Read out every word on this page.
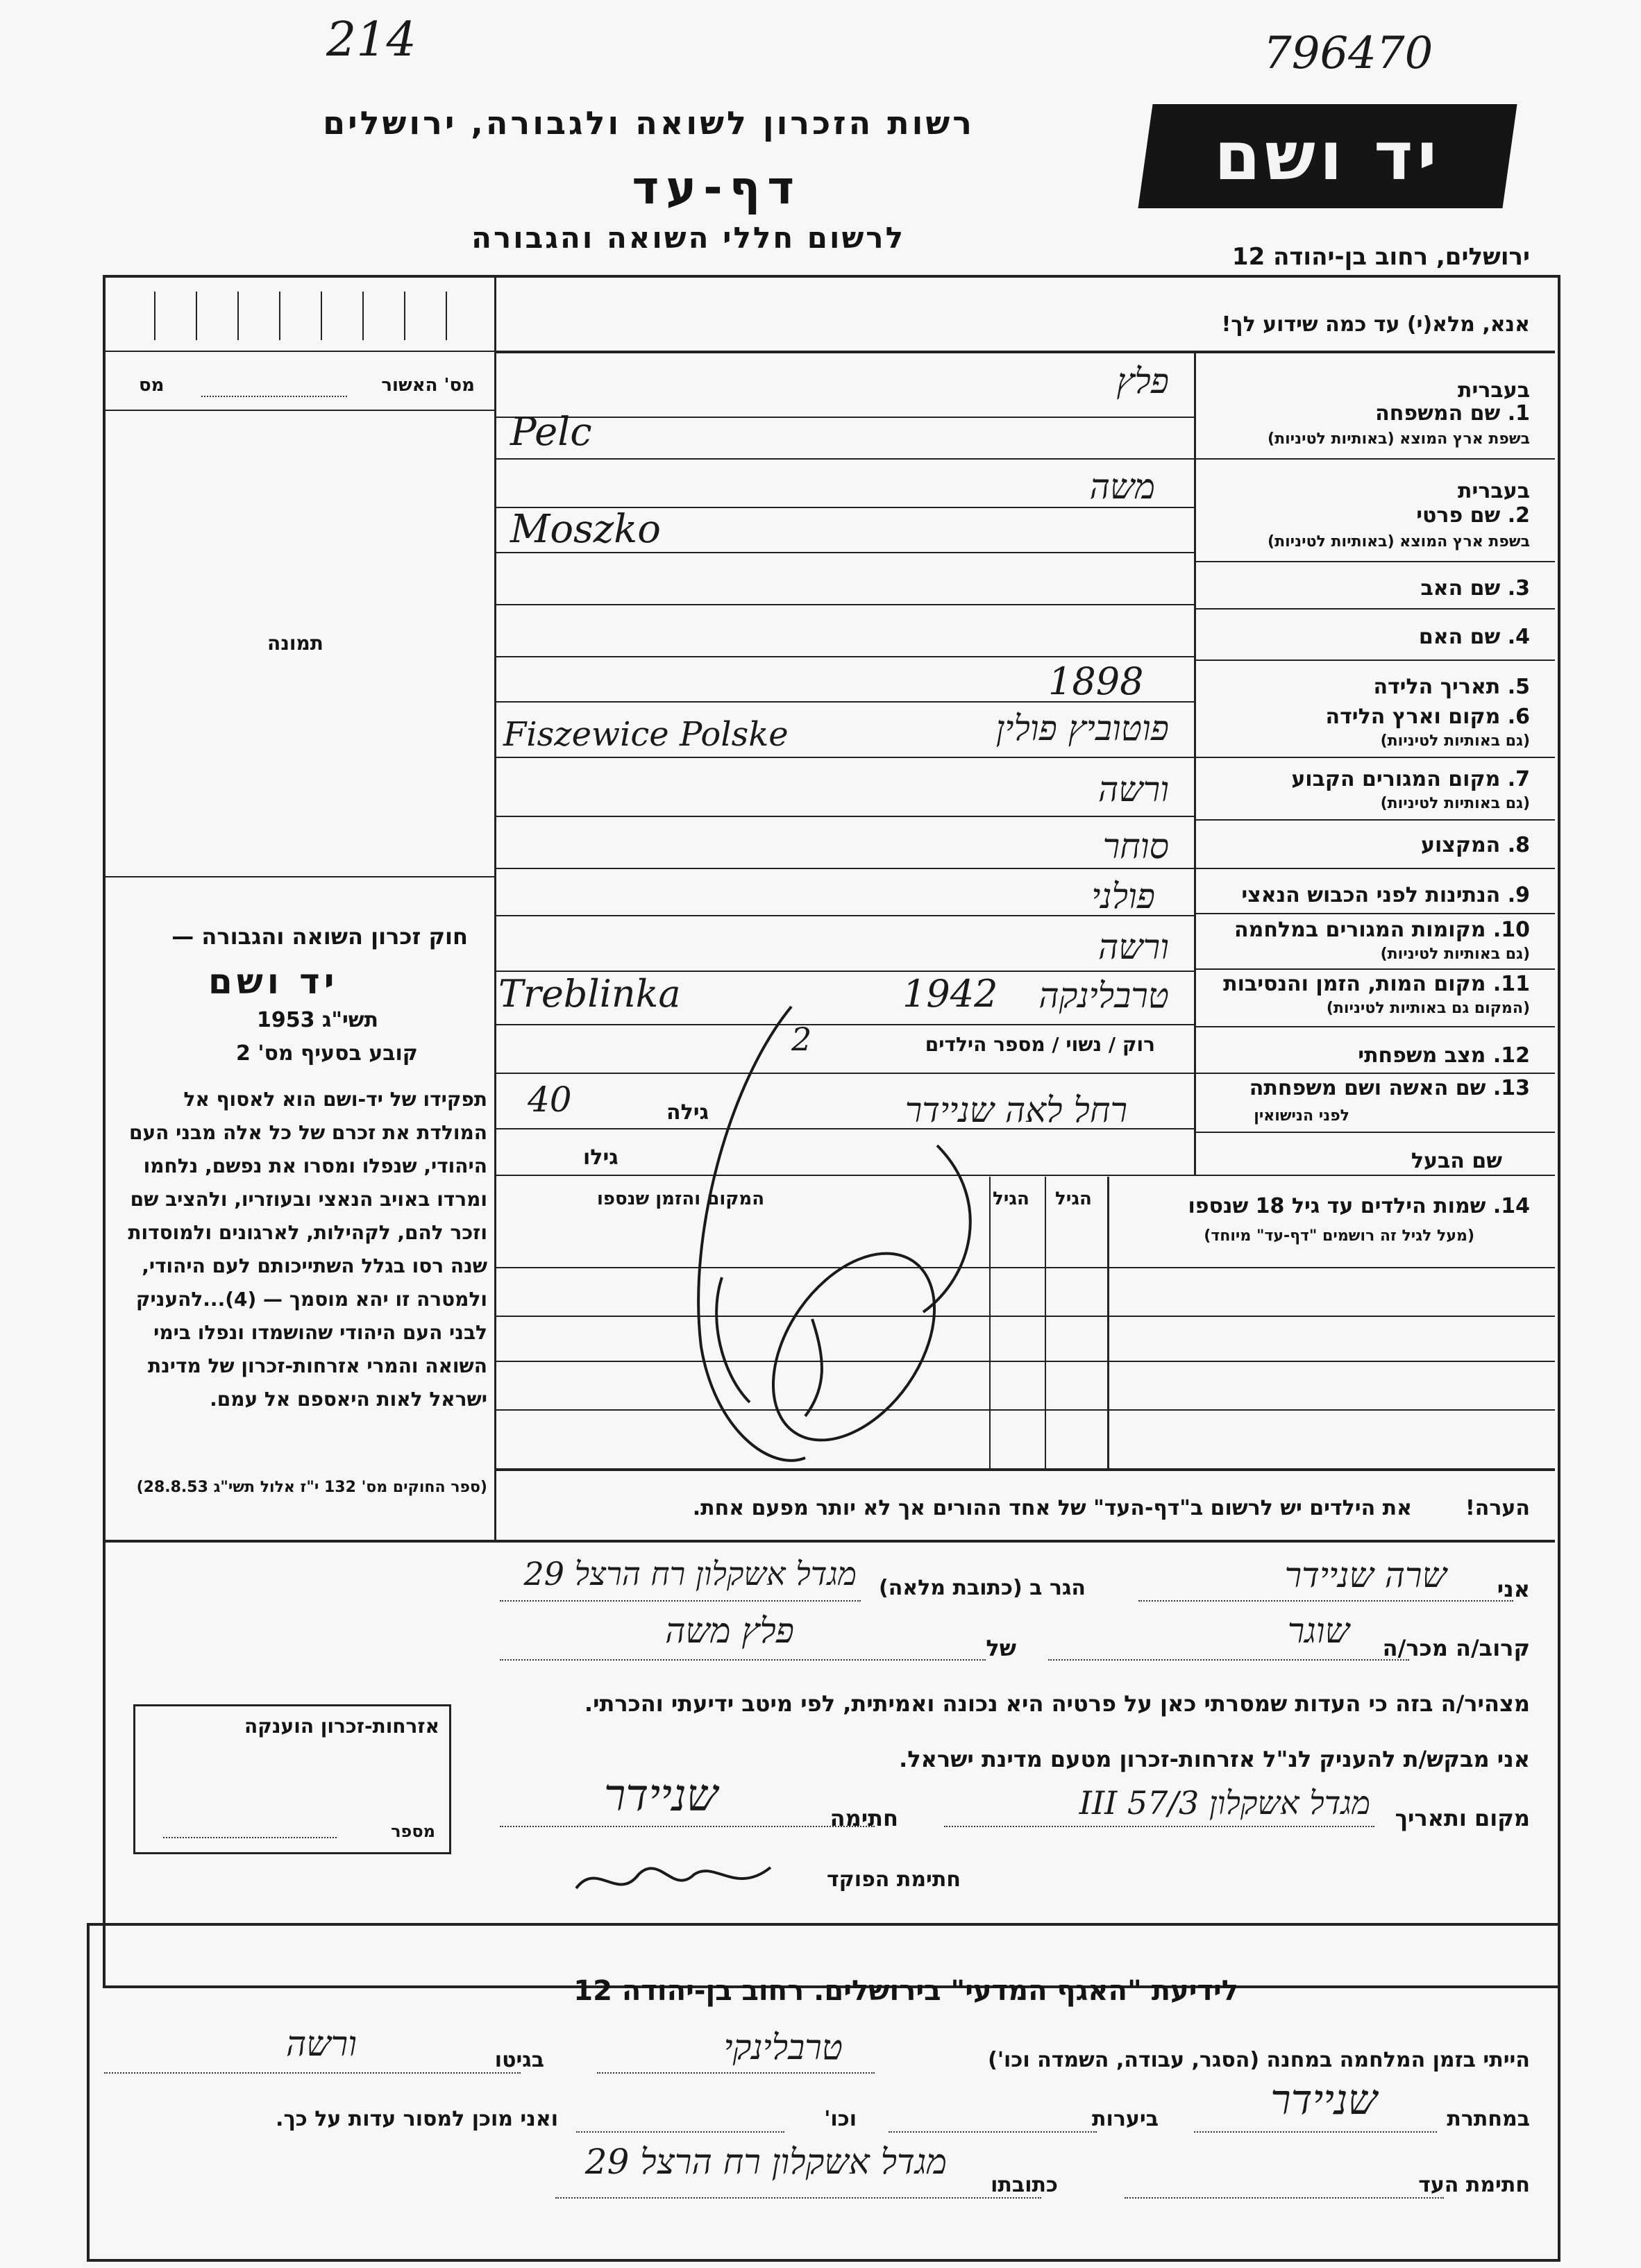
214	796470
רשות הזכרון לשואה ולגבורה, ירושלים
דף-עד
לרשום חללי השואה והגבורה
יד ושם
ירושלים, רחוב בן-יהודה 12
אנא, מלא(י) עד כמה שידוע לך!
מס' האשור
מס
תמונה
חוק זכרון השואה והגבורה —
יד ושם
תשי"ג 1953
קובע בסעיף מס' 2
תפקידו של יד-ושם הוא לאסוף אל המולדת את זכרם של כל אלה מבני העם היהודי, שנפלו ומסרו את נפשם, נלחמו ומרדו באויב הנאצי ובעוזריו, ולהציב שם וזכר להם, לקהילות, לארגונים ולמוסדות שנה רסו בגלל השתייכותם לעם היהודי, ולמטרה זו יהא מוסמך — (4)...להעניק לבני העם היהודי שהושמדו ונפלו בימי השואה והמרי אזרחות-זכרון של מדינת ישראל לאות היאספם אל עמם.
(ספר החוקים מס' 132 י"ז אלול תשי"ג 28.8.53)
אזרחות-זכרון הוענקה
מספר
בעברית
1. שם המשפחה
בשפת ארץ המוצא (באותיות לטיניות)
בעברית
2. שם פרטי
בשפת ארץ המוצא (באותיות לטיניות)
3. שם האב
4. שם האם
5. תאריך הלידה
6. מקום וארץ הלידה
(גם באותיות לטיניות)
7. מקום המגורים הקבוע
(גם באותיות לטיניות)
8. המקצוע
9. הנתינות לפני הכבוש הנאצי
10. מקומות המגורים במלחמה
(גם באותיות לטיניות)
11. מקום המות, הזמן והנסיבות
(המקום גם באותיות לטיניות)
12. מצב משפחתי
13. שם האשה ושם משפחתה
לפני הנישואין
שם הבעל
פלץ
Pelc
משה
Moszko
1898
פוטוביץ פולין
Fiszewice Polske
ורשה
סוחר
פולני
ורשה
טרבלינקה
1942
Treblinka
רוק / נשוי / מספר הילדים
2
גילה
40	רחל לאה שניידר
גילו
14. שמות הילדים עד גיל 18 שנספו
(מעל לגיל זה רושמים "דף-עד" מיוחד)
הגיל
הגיל
המקום והזמן שנספו
הערה!
את הילדים יש לרשום ב"דף-העד" של אחד ההורים אך לא יותר מפעם אחת.
אני
שרה שניידר
הגר ב (כתובת מלאה)
מגדל אשקלון רח הרצל 29
קרוב/ה מכר/ה
שוגר
של
פלץ משה
מצהיר/ה בזה כי העדות שמסרתי כאן על פרטיה היא נכונה ואמיתית, לפי מיטב ידיעתי והכרתי.
אני מבקש/ת להעניק לנ"ל אזרחות-זכרון מטעם מדינת ישראל.
מקום ותאריך
מגדל אשקלון 3/III 57
חתימה
שניידר
חתימת הפוקד
לידיעת "האגף המדעי" בירושלים. רחוב בן-יהודה 12
הייתי בזמן המלחמה במחנה (הסגר, עבודה, השמדה וכו')
טרבלינקי
בגיטו
ורשה
במחתרת
שניידר
ביערות
וכו'
ואני מוכן למסור עדות על כך.
חתימת העד
כתובתו
מגדל אשקלון רח הרצל 29
